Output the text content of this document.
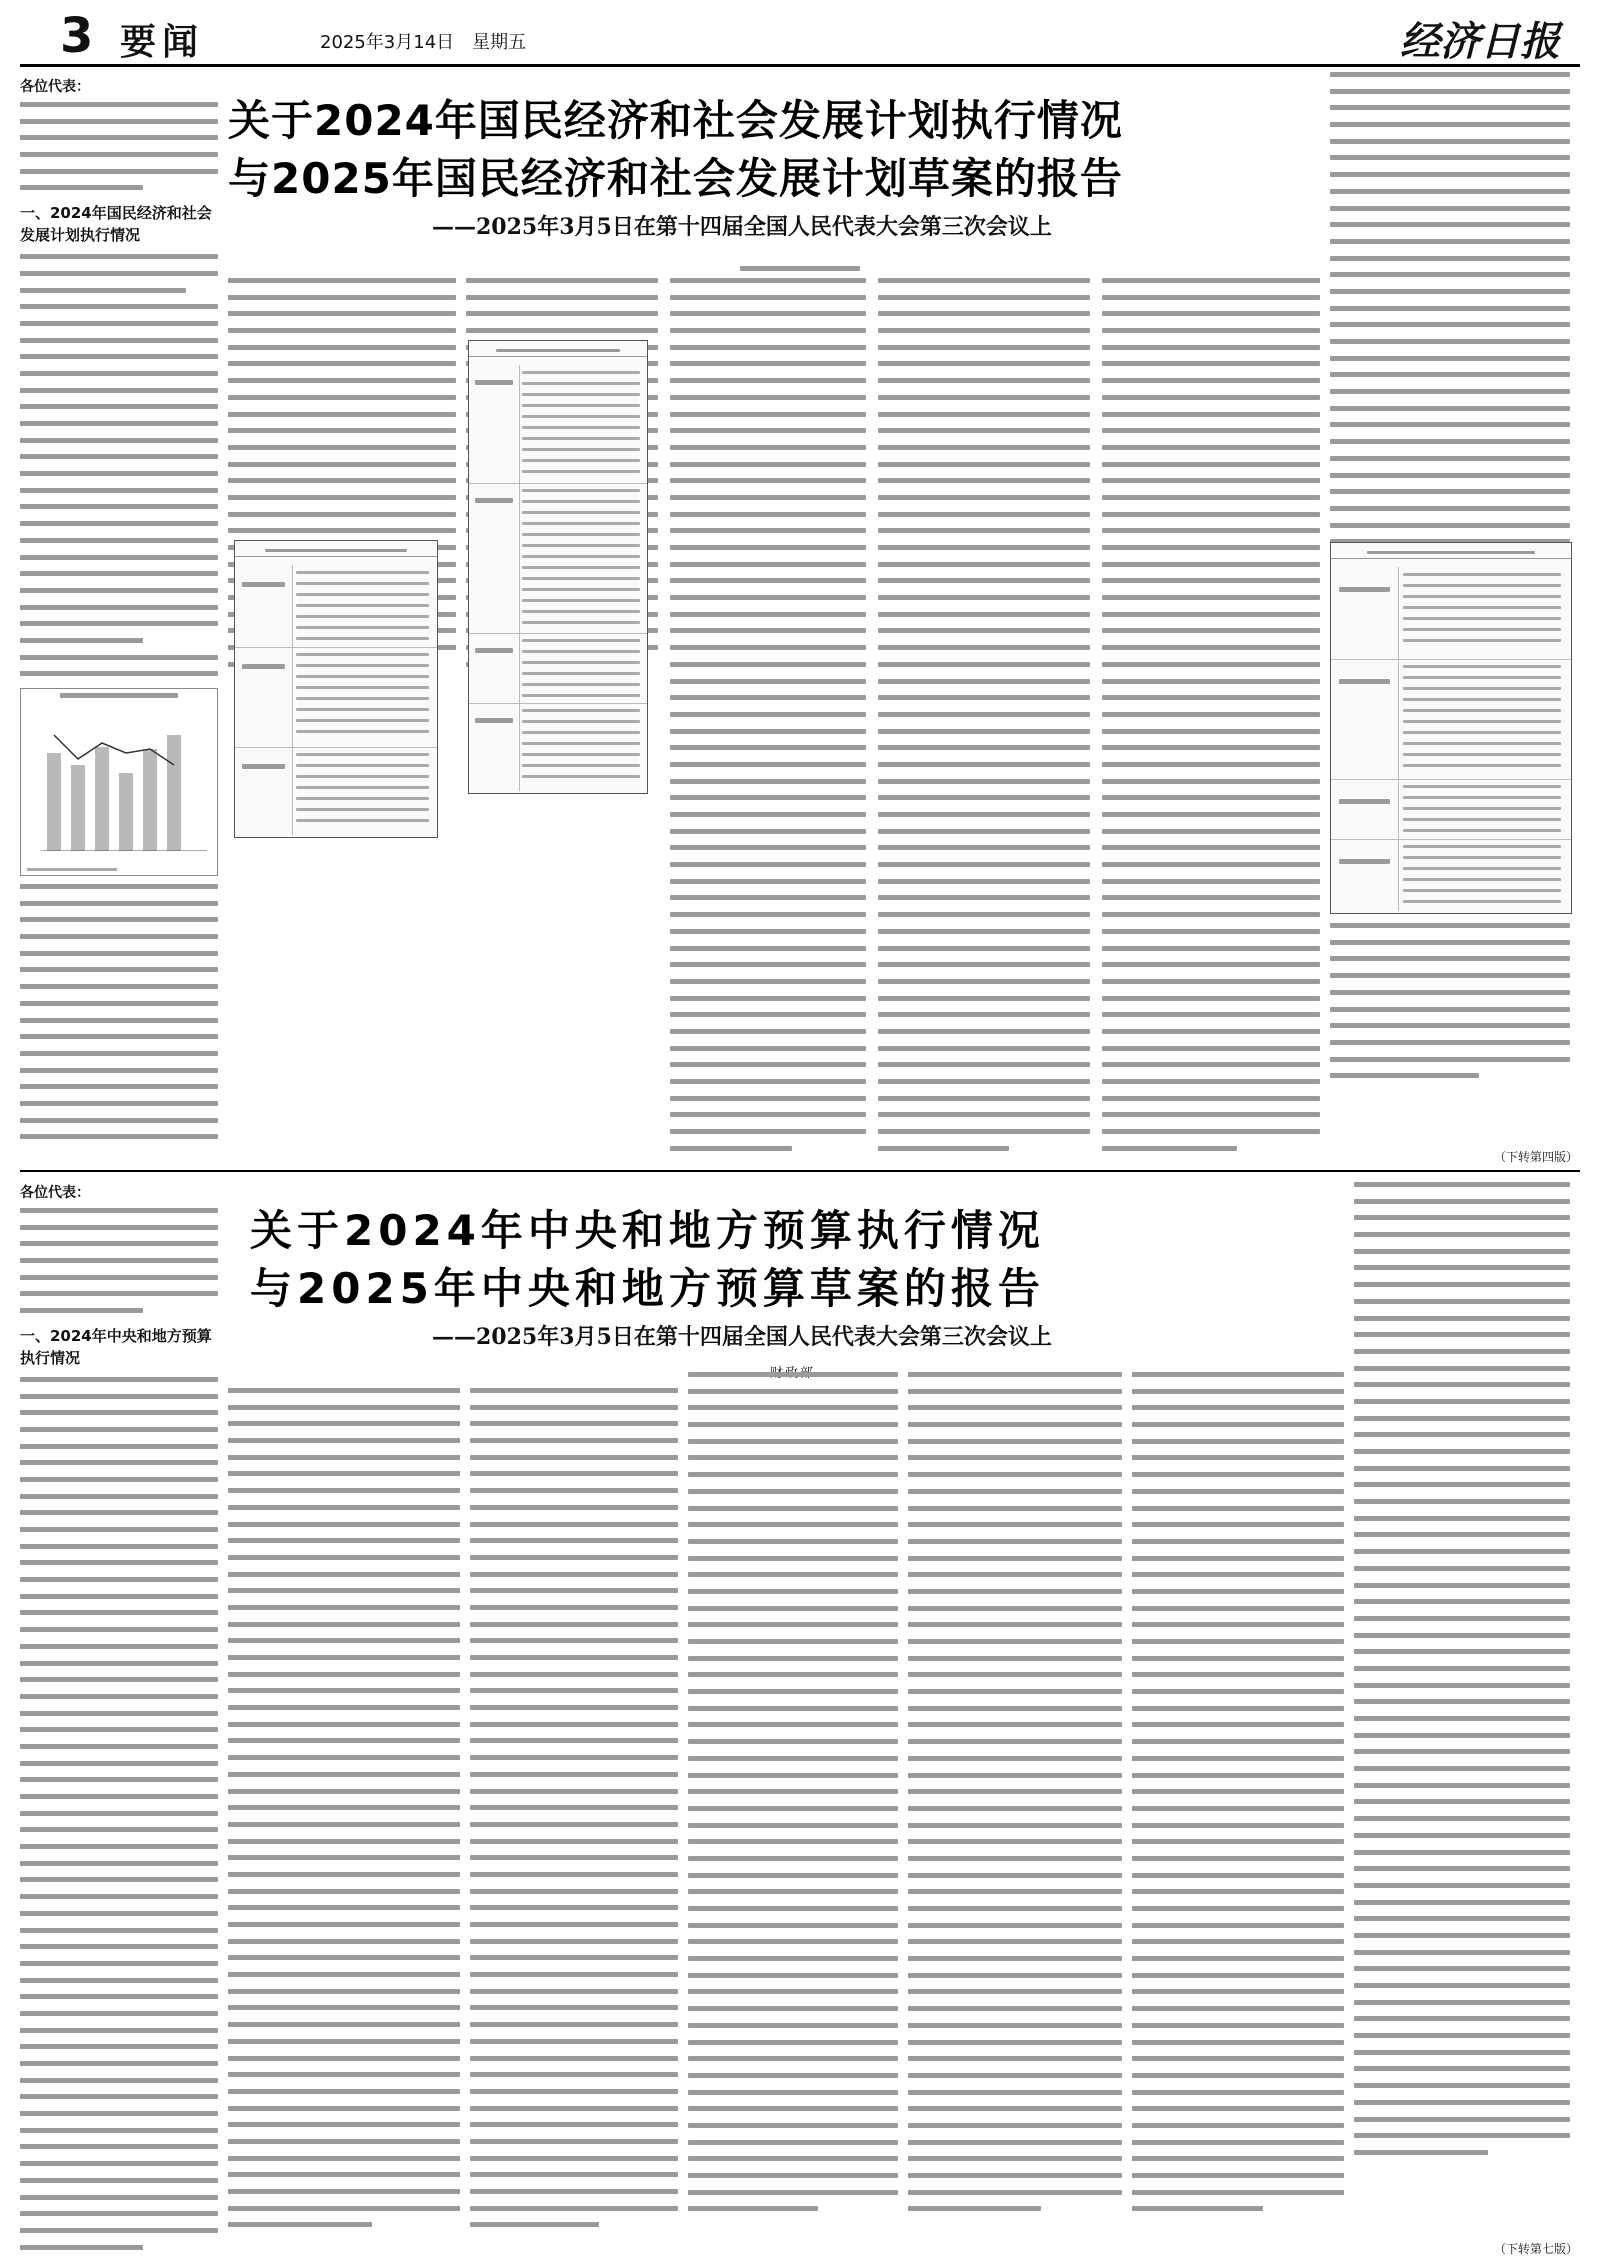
3 要闻	2025年3月14日　星期五	经济日报
各位代表：
一、2024年国民经济和社会发展计划执行情况
关于2024年国民经济和社会发展计划执行情况
与2025年国民经济和社会发展计划草案的报告
——2025年3月5日在第十四届全国人民代表大会第三次会议上
（下转第四版）
各位代表：
一、2024年中央和地方预算执行情况
关于2024年中央和地方预算执行情况
与2025年中央和地方预算草案的报告
——2025年3月5日在第十四届全国人民代表大会第三次会议上
（下转第七版）
